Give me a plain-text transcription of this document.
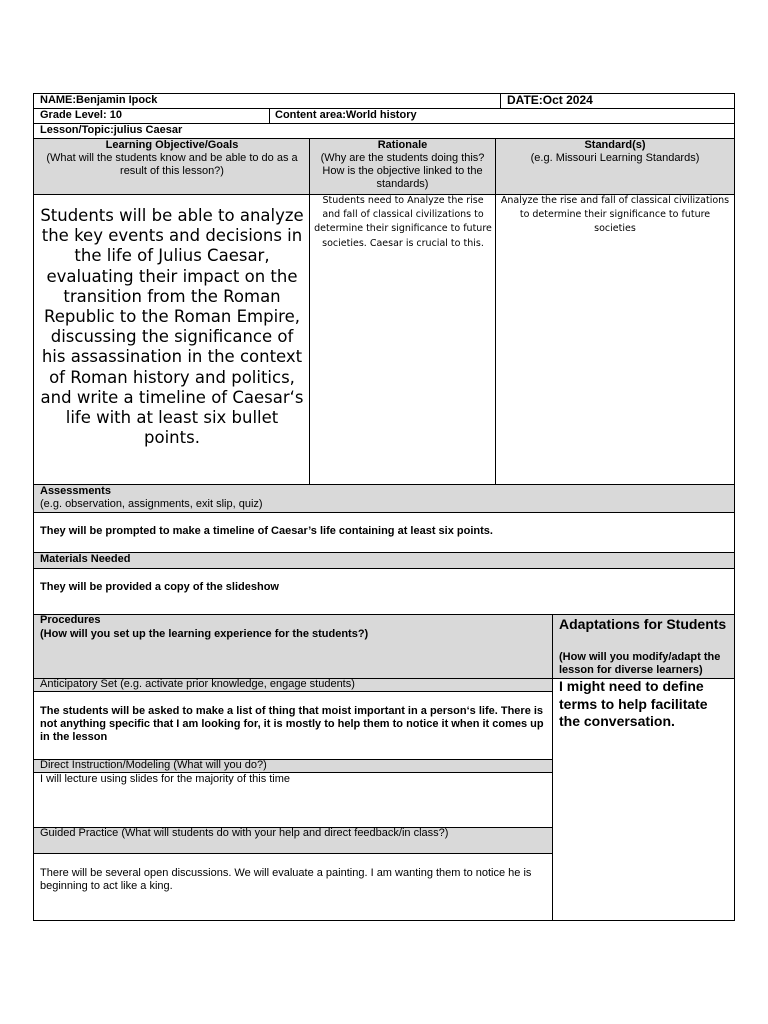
NAME:Benjamin Ipock	DATE:Oct 2024
Grade Level: 10	Content area:World history
Lesson/Topic:julius Caesar
Learning Objective/Goals
(What will the students know and be able to do as a result of this lesson?)
Rationale
(Why are the students doing this? How is the objective linked to the standards)
Standard(s)
(e.g. Missouri Learning Standards)
Students will be able to analyze the key events and decisions in the life of Julius Caesar, evaluating their impact on the transition from the Roman Republic to the Roman Empire, discussing the significance of his assassination in the context of Roman history and politics, and write a timeline of Caesar‘s life with at least six bullet points.
Students need to Analyze the rise and fall of classical civilizations to determine their significance to future societies. Caesar is crucial to this.
Analyze the rise and fall of classical civilizations to determine their significance to future societies
Assessments
(e.g. observation, assignments, exit slip, quiz)
They will be prompted to make a timeline of Caesar’s life containing at least six points.
Materials Needed
They will be provided a copy of the slideshow
Procedures
(How will you set up the learning experience for the students?)
Adaptations for Students
(How will you modify/adapt the lesson for diverse learners)
I might need to define terms to help facilitate the conversation.
Anticipatory Set (e.g. activate prior knowledge, engage students)
The students will be asked to make a list of thing that moist important in a person‘s life. There is not anything specific that I am looking for, it is mostly to help them to notice it when it comes up in the lesson
Direct Instruction/Modeling (What will you do?)
I will lecture using slides for the majority of this time
Guided Practice (What will students do with your help and direct feedback/in class?)
There will be several open discussions. We will evaluate a painting. I am wanting them to notice he is beginning to act like a king.
